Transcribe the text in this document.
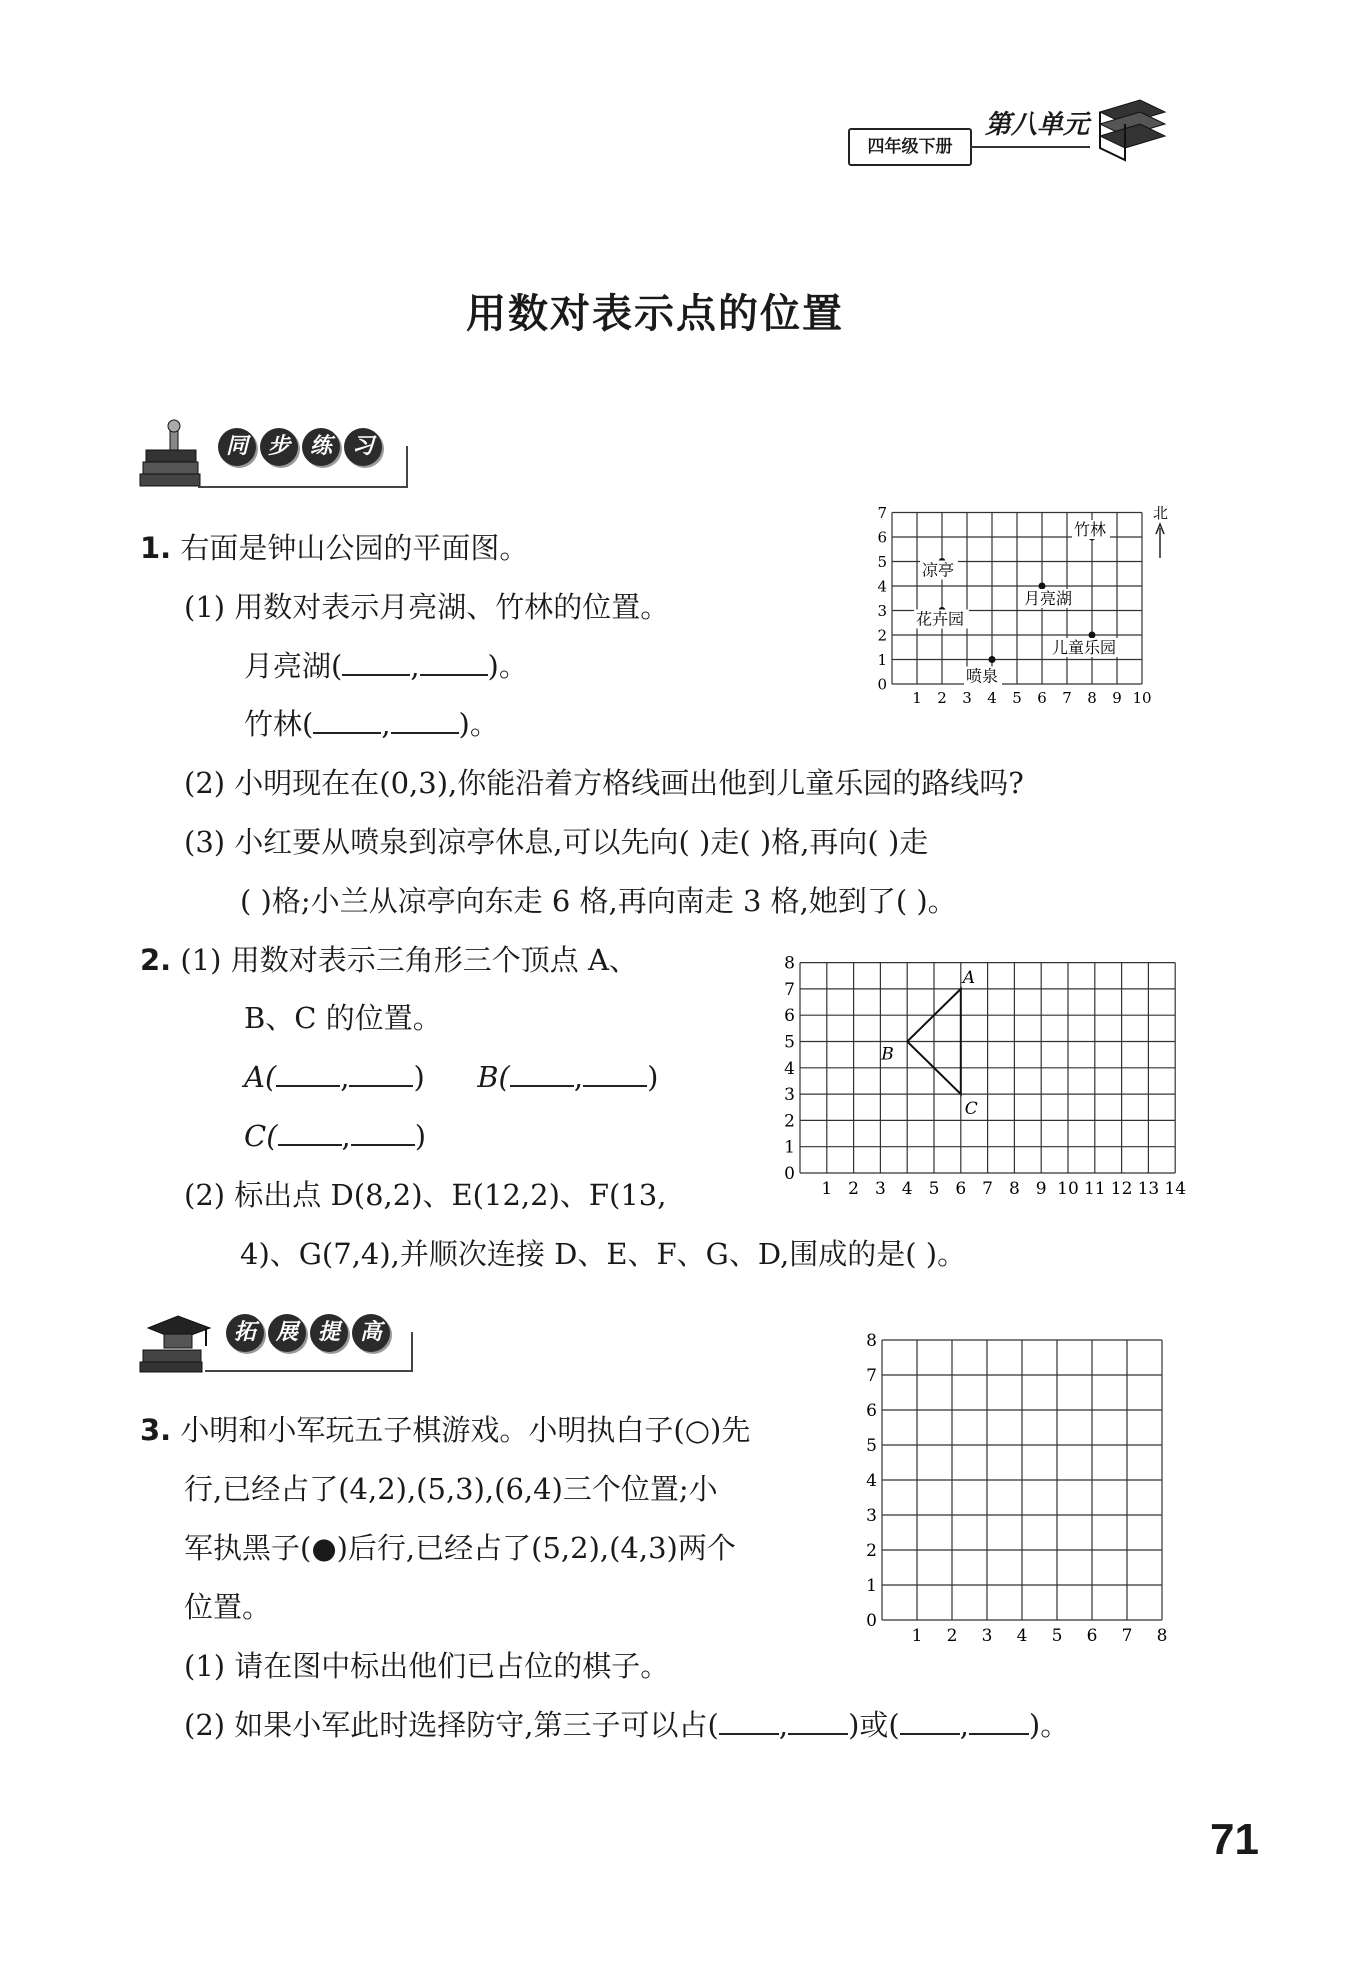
四年级下册
第八单元
用数对表示点的位置
同 步 练 习
1. 右面是钟山公园的平面图。
(1) 用数对表示月亮湖、竹林的位置。
月亮湖( , )。
竹林( , )。
(2) 小明现在在(0,3),你能沿着方格线画出他到儿童乐园的路线吗?
(3) 小红要从喷泉到凉亭休息,可以先向( )走( )格,再向( )走
( )格;小兰从凉亭向东走 6 格,再向南走 3 格,她到了( )。
1 2 3 4 5 6 7 8 9 10
0
1
2
3
4
5
6
7
凉亭
花卉园
喷泉
月亮湖
竹林
儿童乐园
北
2. (1) 用数对表示三角形三个顶点 A、
B、C 的位置。
A( , ) B( , )
C( , )
(2) 标出点 D(8,2)、E(12,2)、F(13,
4)、G(7,4),并顺次连接 D、E、F、G、D,围成的是( )。
1 2 3 4 5 6 7 8 9 10 11 12 13 14
0
1
2
3
4
5
6
7
8
A
B
C
拓 展 提 高
3. 小明和小军玩五子棋游戏。小明执白子(○)先
行,已经占了(4,2),(5,3),(6,4)三个位置;小
军执黑子(●)后行,已经占了(5,2),(4,3)两个
位置。
(1) 请在图中标出他们已占位的棋子。
(2) 如果小军此时选择防守,第三子可以占( , )或( , )。
1 2 3 4 5 6 7 8
0
1
2
3
4
5
6
7
8
71
